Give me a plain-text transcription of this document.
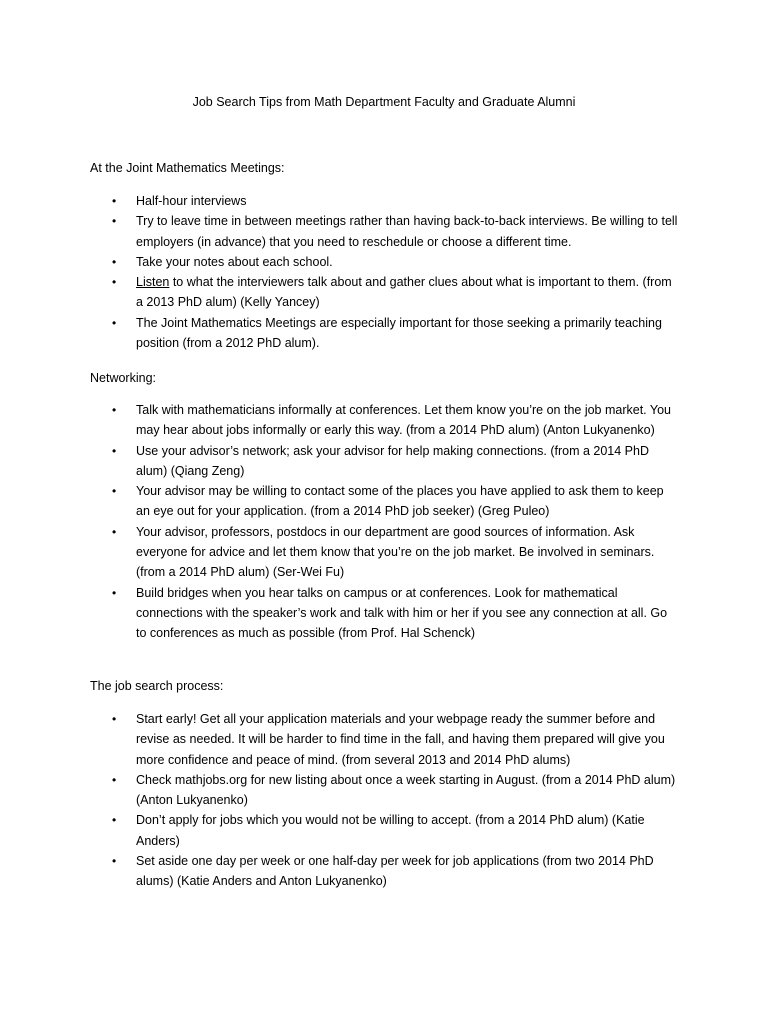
Job Search Tips from Math Department Faculty and Graduate Alumni

At the Joint Mathematics Meetings:

• Half-hour interviews
• Try to leave time in between meetings rather than having back-to-back interviews. Be willing to tell employers (in advance) that you need to reschedule or choose a different time.
• Take your notes about each school.
• Listen to what the interviewers talk about and gather clues about what is important to them. (from a 2013 PhD alum) (Kelly Yancey)
• The Joint Mathematics Meetings are especially important for those seeking a primarily teaching position (from a 2012 PhD alum).

Networking:

• Talk with mathematicians informally at conferences. Let them know you’re on the job market. You may hear about jobs informally or early this way. (from a 2014 PhD alum) (Anton Lukyanenko)
• Use your advisor’s network; ask your advisor for help making connections. (from a 2014 PhD alum) (Qiang Zeng)
• Your advisor may be willing to contact some of the places you have applied to ask them to keep an eye out for your application. (from a 2014 PhD job seeker) (Greg Puleo)
• Your advisor, professors, postdocs in our department are good sources of information. Ask everyone for advice and let them know that you’re on the job market. Be involved in seminars. (from a 2014 PhD alum) (Ser-Wei Fu)
• Build bridges when you hear talks on campus or at conferences. Look for mathematical connections with the speaker’s work and talk with him or her if you see any connection at all. Go to conferences as much as possible (from Prof. Hal Schenck)

The job search process:

• Start early! Get all your application materials and your webpage ready the summer before and revise as needed. It will be harder to find time in the fall, and having them prepared will give you more confidence and peace of mind. (from several 2013 and 2014 PhD alums)
• Check mathjobs.org for new listing about once a week starting in August. (from a 2014 PhD alum) (Anton Lukyanenko)
• Don’t apply for jobs which you would not be willing to accept. (from a 2014 PhD alum) (Katie Anders)
• Set aside one day per week or one half-day per week for job applications (from two 2014 PhD alums) (Katie Anders and Anton Lukyanenko)
